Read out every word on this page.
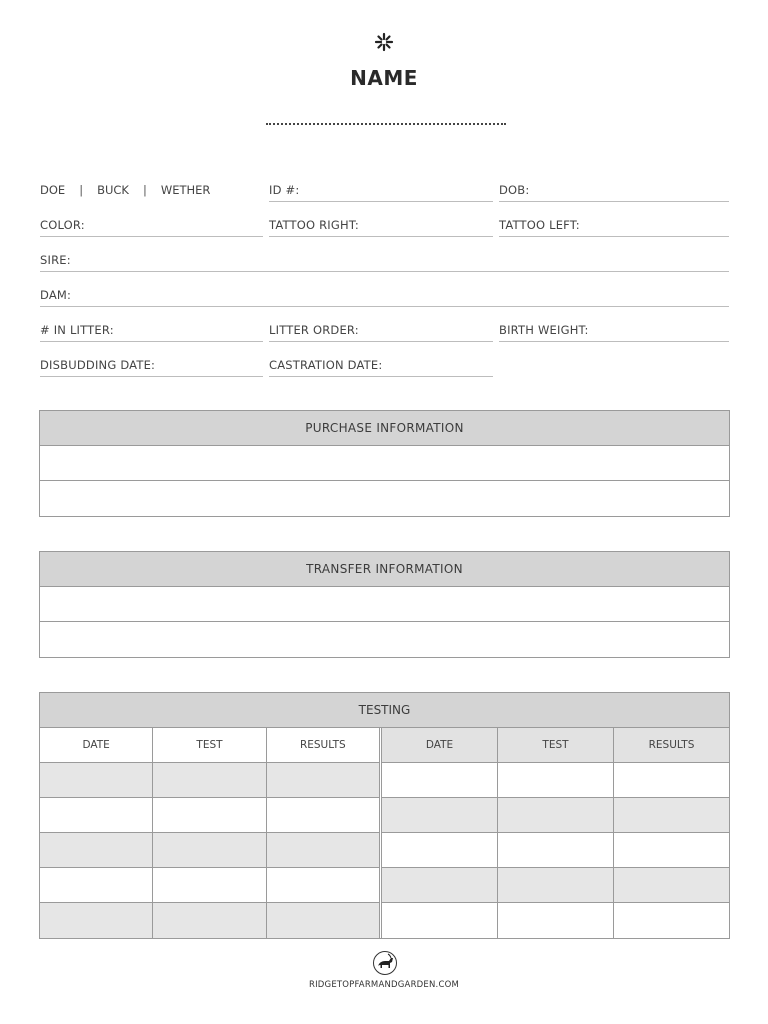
NAME
DOE	|	BUCK	|	WETHER	ID #:	DOB:
COLOR:	TATTOO RIGHT:	TATTOO LEFT:
SIRE:
DAM:
# IN LITTER:	LITTER ORDER:	BIRTH WEIGHT:
DISBUDDING DATE:	CASTRATION DATE:
PURCHASE INFORMATION
TRANSFER INFORMATION
TESTING
DATE	TEST	RESULTS	DATE	TEST	RESULTS
RIDGETOPFARMANDGARDEN.COM
